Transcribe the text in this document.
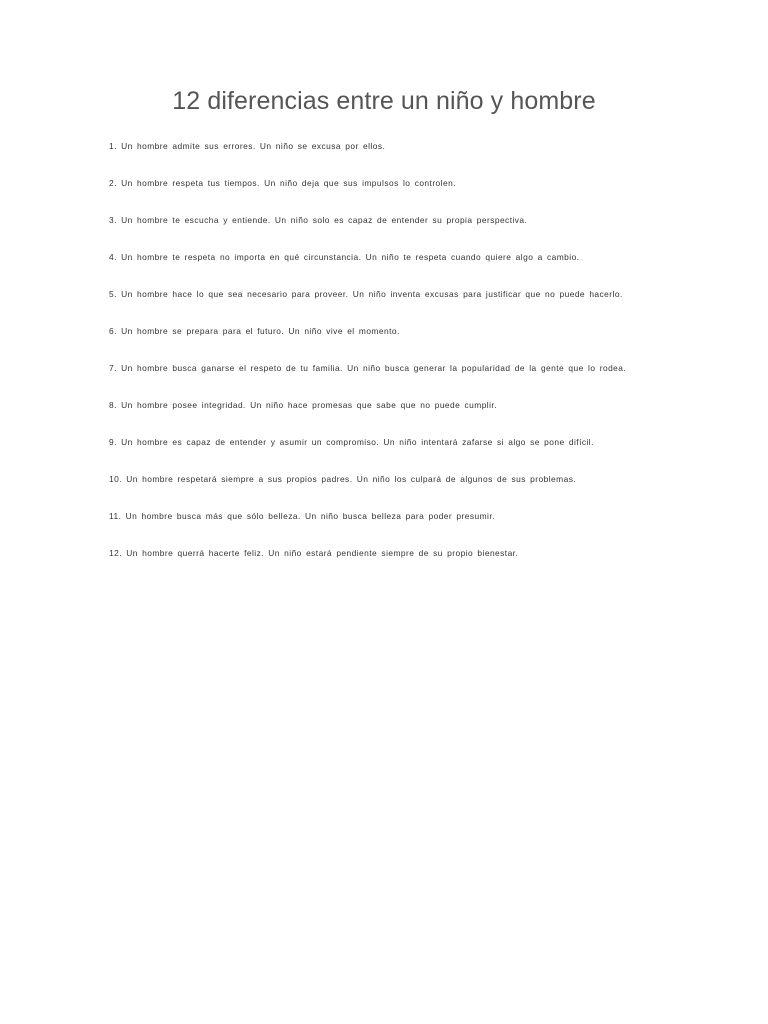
12 diferencias entre un niño y hombre
1. Un hombre admite sus errores. Un niño se excusa por ellos.
2. Un hombre respeta tus tiempos. Un niño deja que sus impulsos lo controlen.
3. Un hombre te escucha y entiende. Un niño solo es capaz de entender su propia perspectiva.
4. Un hombre te respeta no importa en qué circunstancia. Un niño te respeta cuando quiere algo a cambio.
5. Un hombre hace lo que sea necesario para proveer. Un niño inventa excusas para justificar que no puede hacerlo.
6. Un hombre se prepara para el futuro. Un niño vive el momento.
7. Un hombre busca ganarse el respeto de tu familia. Un niño busca generar la popularidad de la gente que lo rodea.
8. Un hombre posee integridad. Un niño hace promesas que sabe que no puede cumplir.
9. Un hombre es capaz de entender y asumir un compromiso. Un niño intentará zafarse si algo se pone difícil.
10. Un hombre respetará siempre a sus propios padres. Un niño los culpará de algunos de sus problemas.
11. Un hombre busca más que sólo belleza. Un niño busca belleza para poder presumir.
12. Un hombre querrá hacerte feliz. Un niño estará pendiente siempre de su propio bienestar.
